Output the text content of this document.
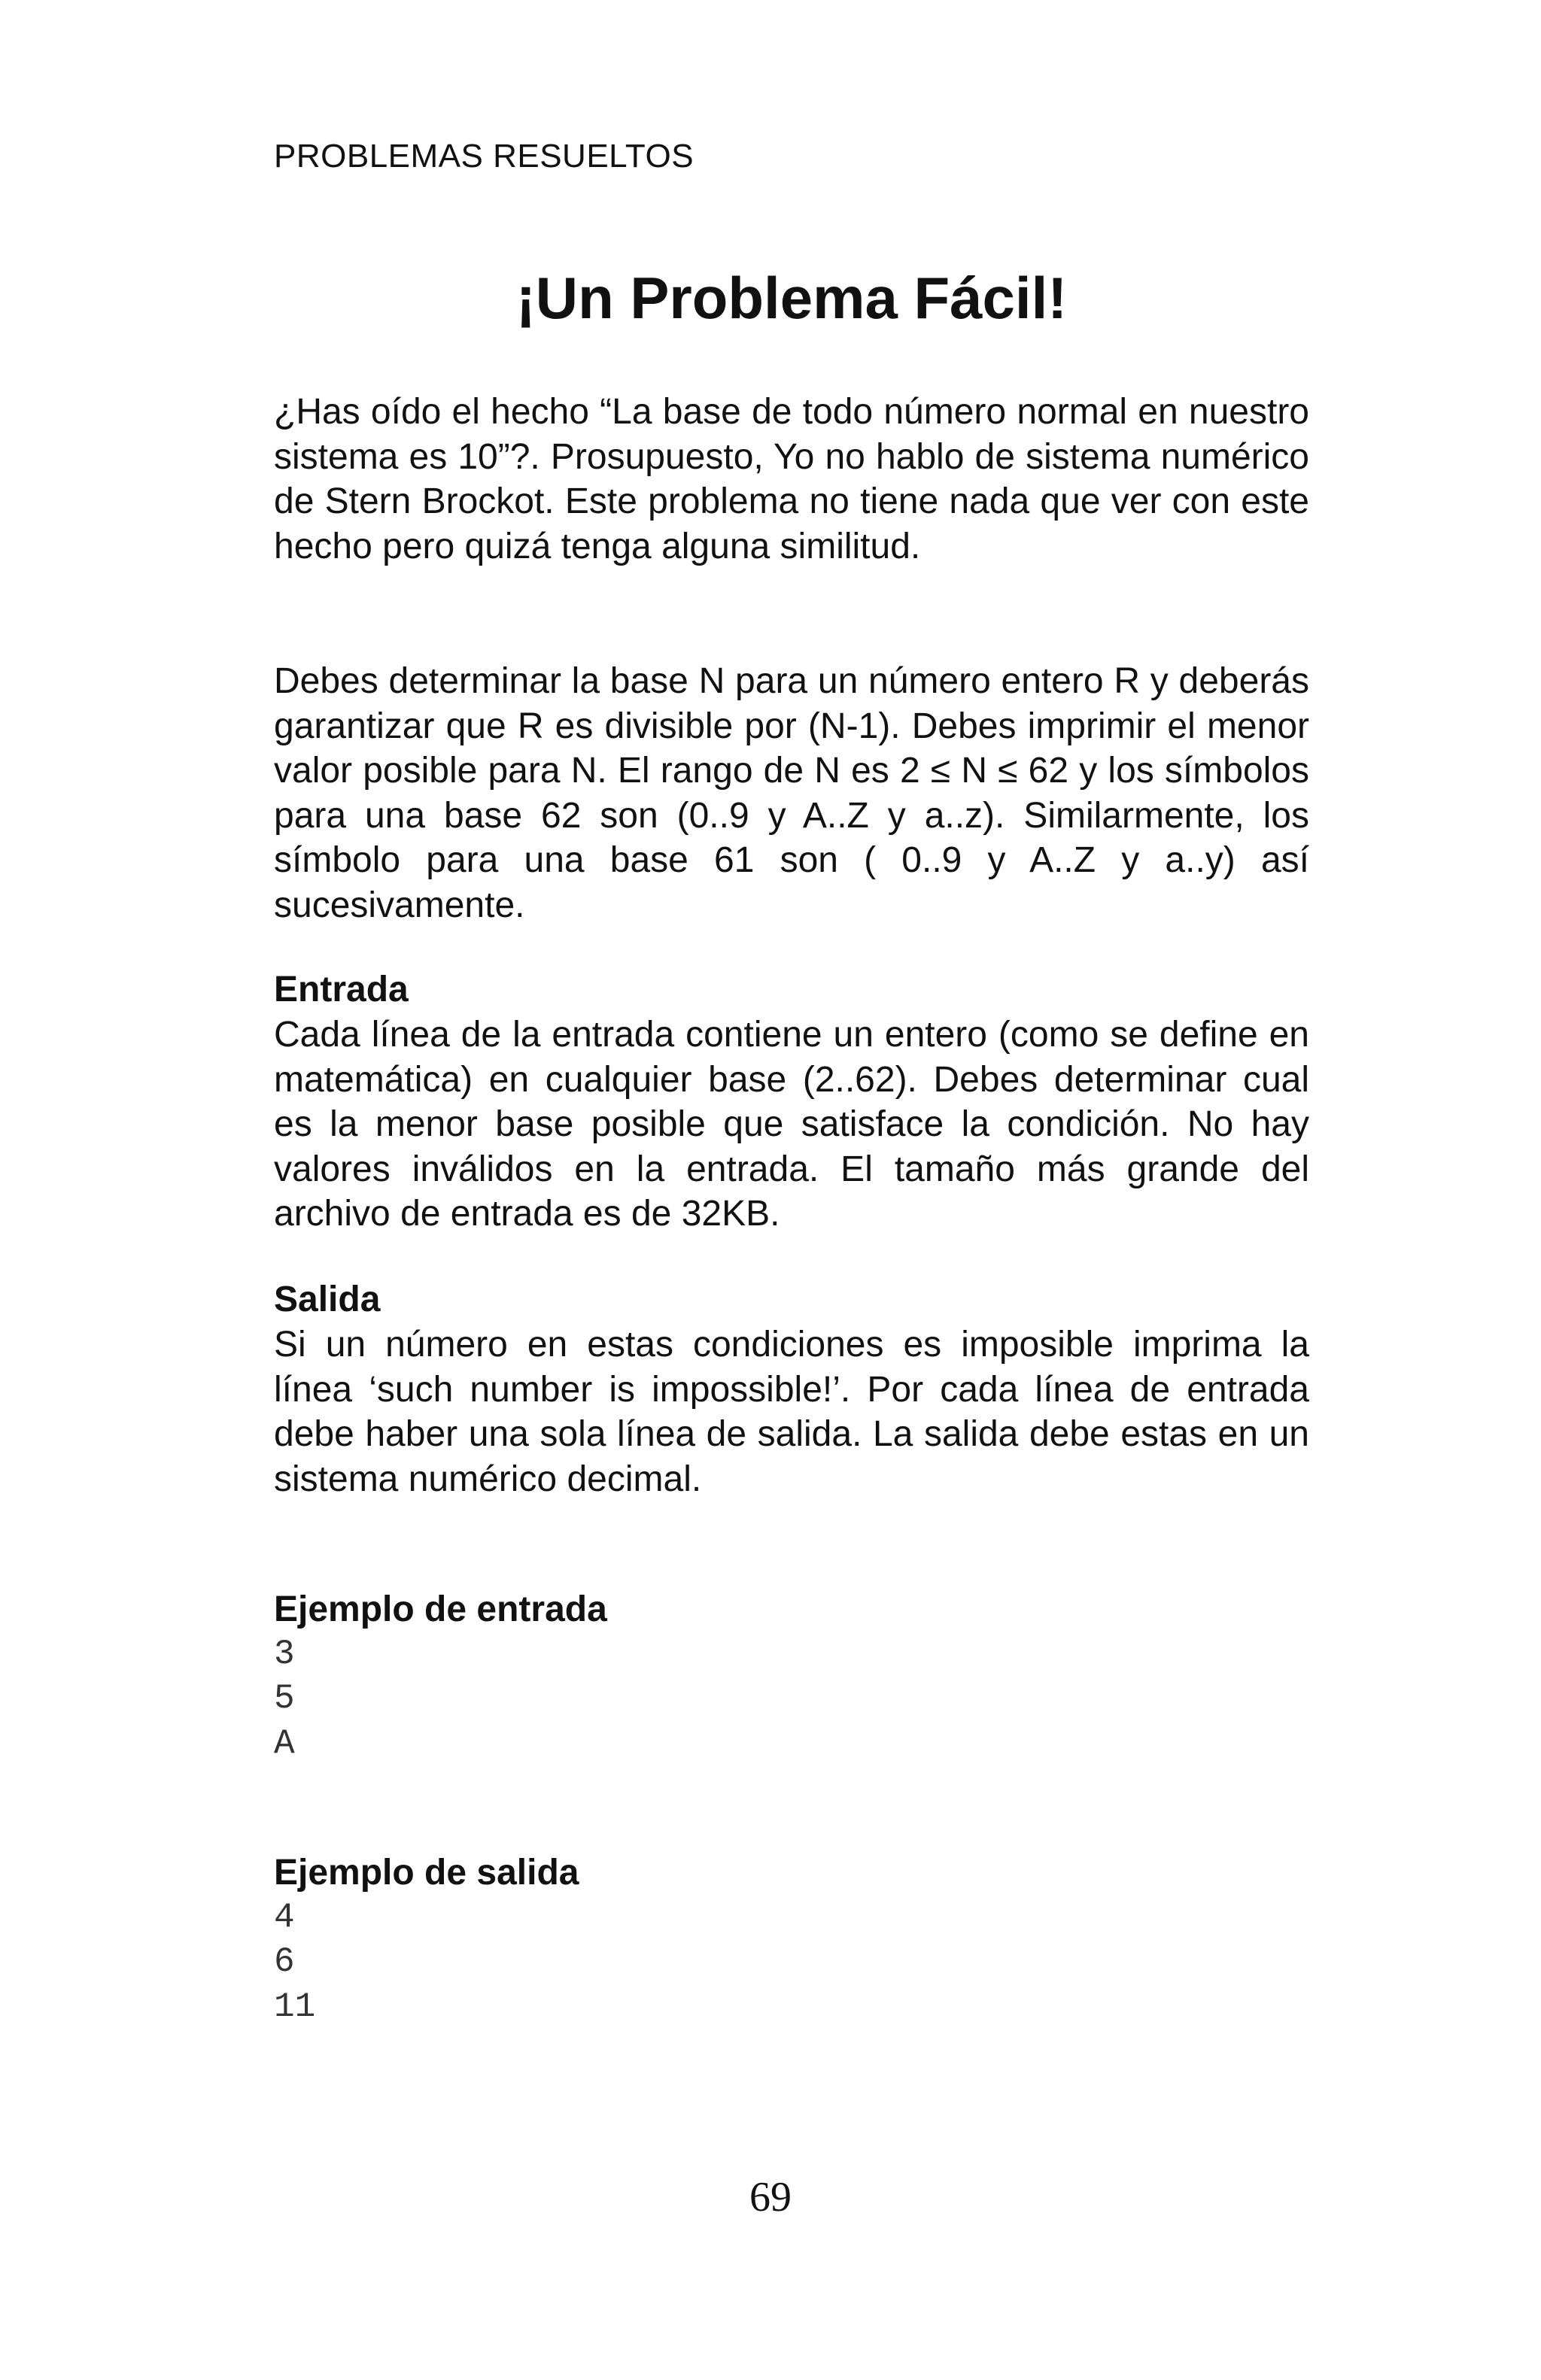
PROBLEMAS RESUELTOS
¡Un Problema Fácil!

¿Has oído el hecho “La base de todo número normal en nuestro sistema es 10”?. Prosupuesto, Yo no hablo de sistema numérico de Stern Brockot. Este problema no tiene nada que ver con este hecho pero quizá tenga alguna similitud.

Debes determinar la base N para un número entero R y deberás garantizar que R es divisible por (N-1). Debes imprimir el menor valor posible para N. El rango de N es 2 ≤ N ≤ 62 y los símbolos para una base 62 son (0..9 y A..Z y a..z). Similarmente, los símbolo para una base 61 son ( 0..9 y A..Z y a..y) así sucesivamente.

Entrada

Cada línea de la entrada contiene un entero (como se define en matemática) en cualquier base (2..62). Debes determinar cual es la menor base posible que satisface la condición. No hay valores inválidos en la entrada. El tamaño más grande del archivo de entrada es de 32KB.

Salida

Si un número en estas condiciones es imposible imprima la línea ‘such number is impossible!’. Por cada línea de entrada debe haber una sola línea de salida. La salida debe estas en un sistema numérico decimal.

Ejemplo de entrada
3
5
A
Ejemplo de salida
4
6
11
69
